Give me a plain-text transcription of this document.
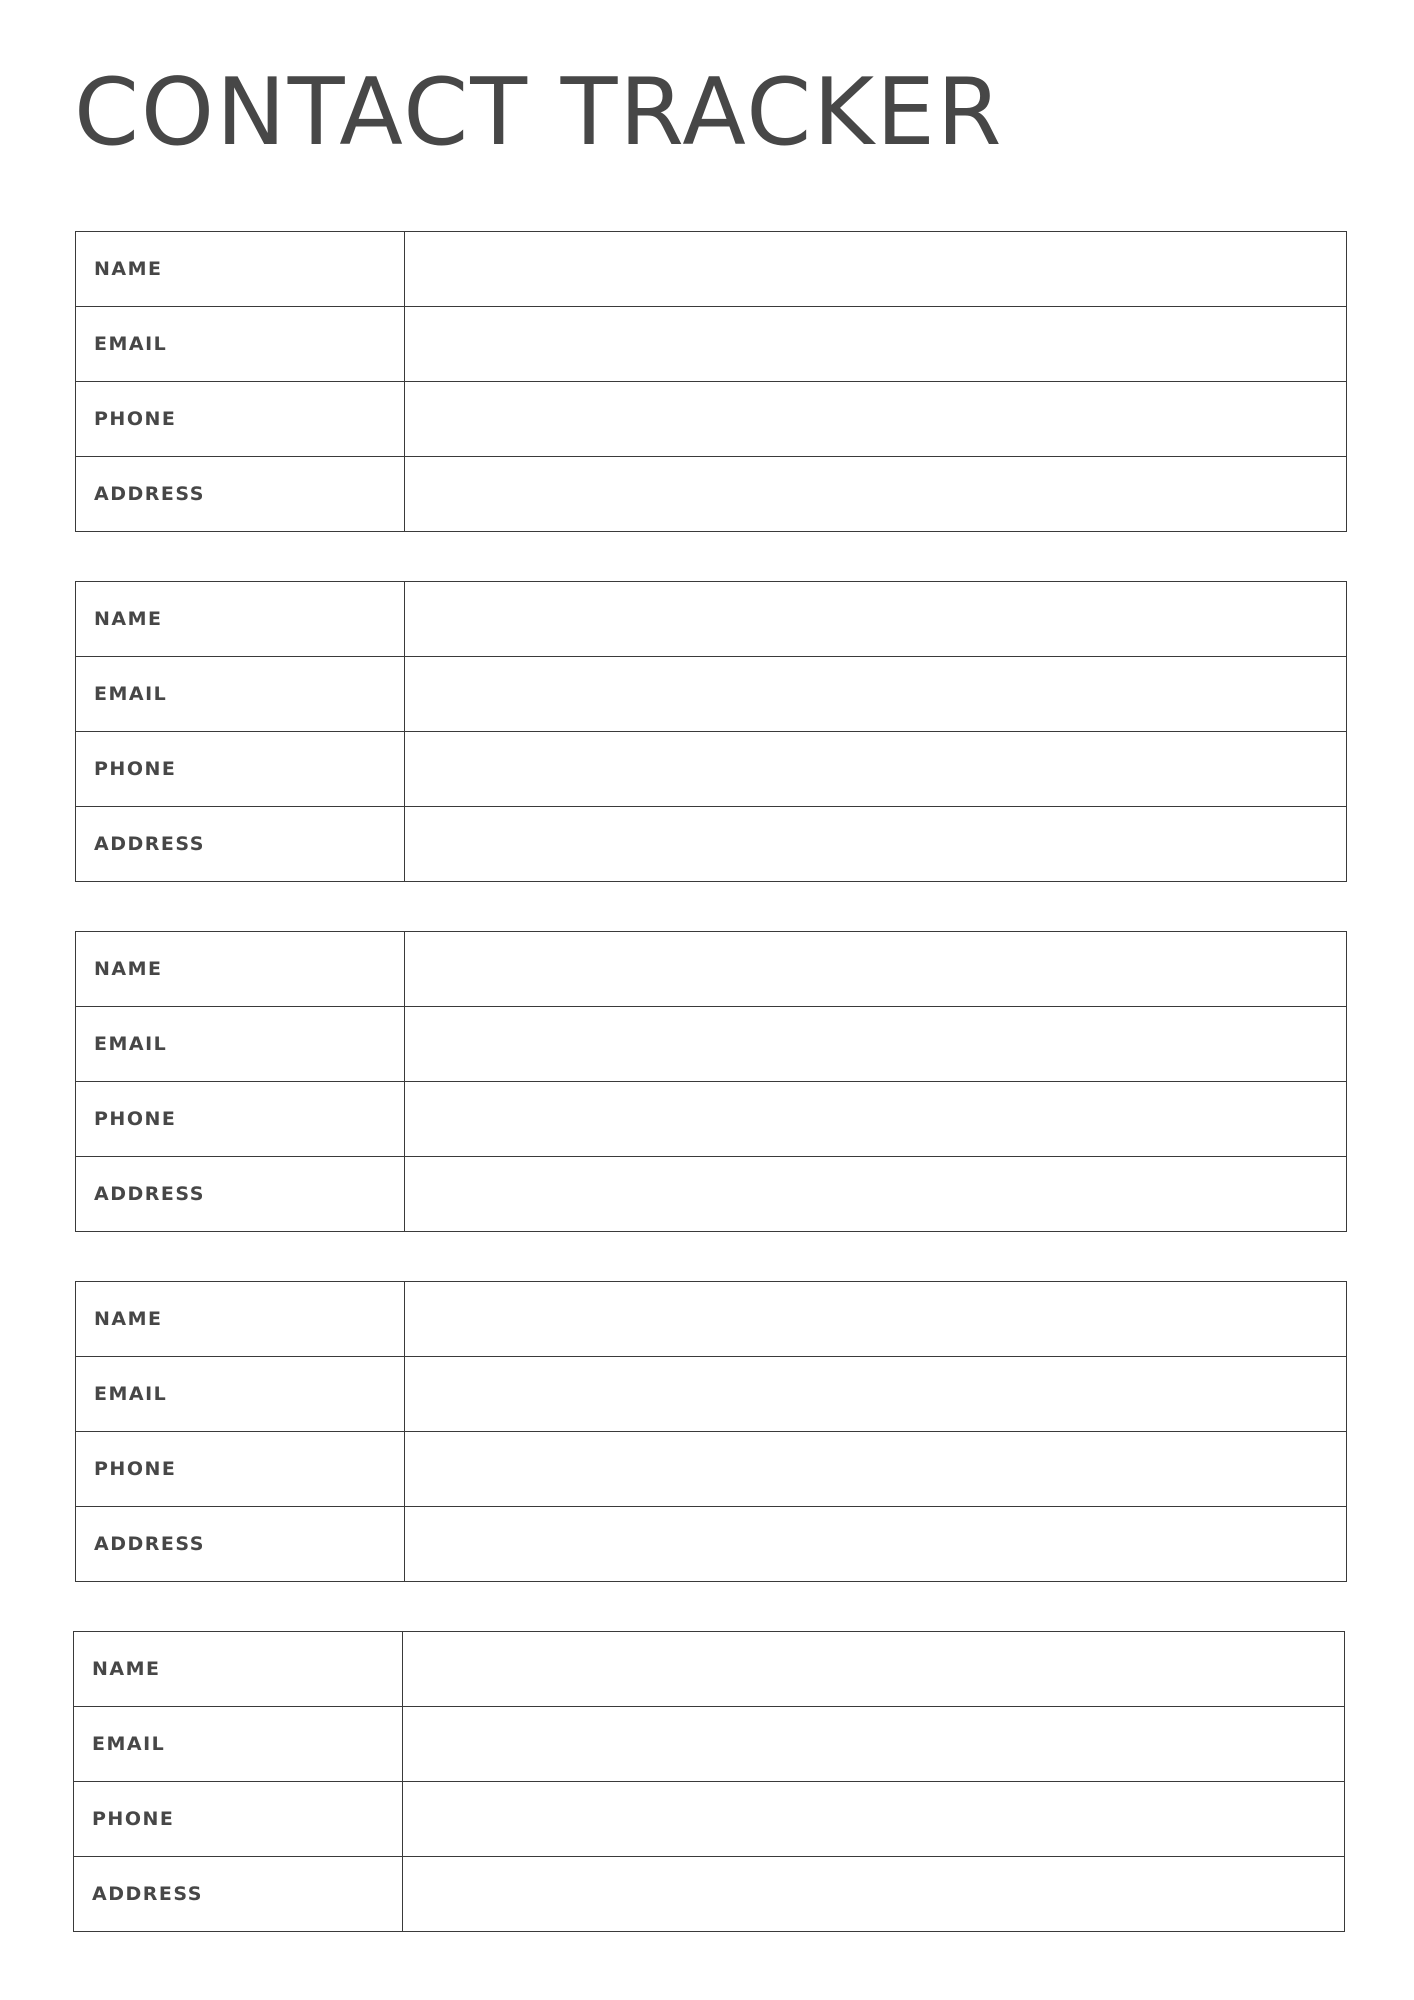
CONTACT TRACKER
NAME	
EMAIL	
PHONE	
ADDRESS	
NAME	
EMAIL	
PHONE	
ADDRESS	
NAME	
EMAIL	
PHONE	
ADDRESS	
NAME	
EMAIL	
PHONE	
ADDRESS	
NAME	
EMAIL	
PHONE	
ADDRESS	
